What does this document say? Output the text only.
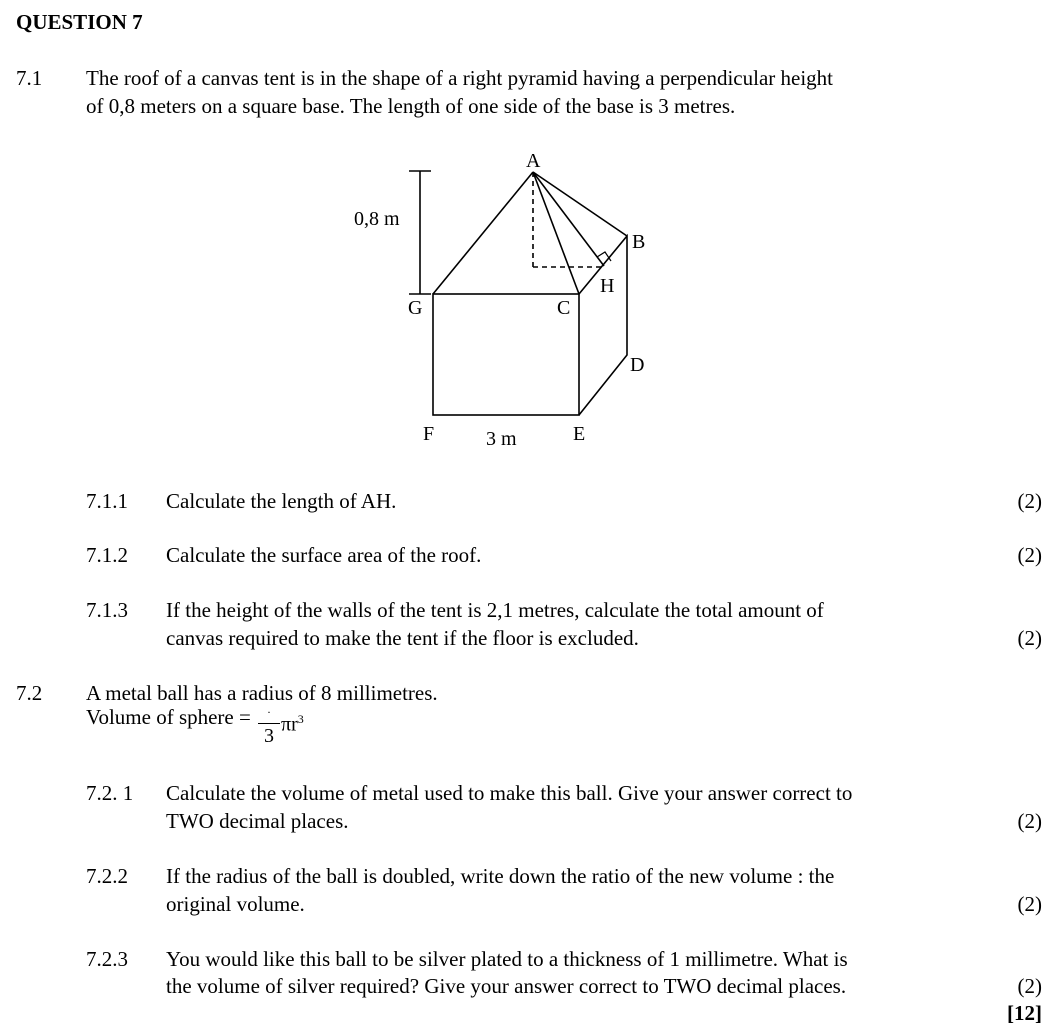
QUESTION 7
7.1 The roof of a canvas tent is in the shape of a right pyramid having a perpendicular height
of 0,8 meters on a square base. The length of one side of the base is 3 metres.
A
B
C
D
E
F
G
H
0,8 m
3 m
7.1.1 Calculate the length of AH.	(2)
7.1.2 Calculate the surface area of the roof.	(2)
7.1.3 If the height of the walls of the tent is 2,1 metres, calculate the total amount of
canvas required to make the tent if the floor is excluded.	(2)
7.2 A metal ball has a radius of 8 millimetres.
Volume of sphere =	·
3
$\pi r^3$
7.2. 1 Calculate the volume of metal used to make this ball. Give your answer correct to
TWO decimal places.	(2)
7.2.2 If the radius of the ball is doubled, write down the ratio of the new volume : the
original volume.	(2)
7.2.3 You would like this ball to be silver plated to a thickness of 1 millimetre. What is
the volume of silver required? Give your answer correct to TWO decimal places.	(2)
[12]
